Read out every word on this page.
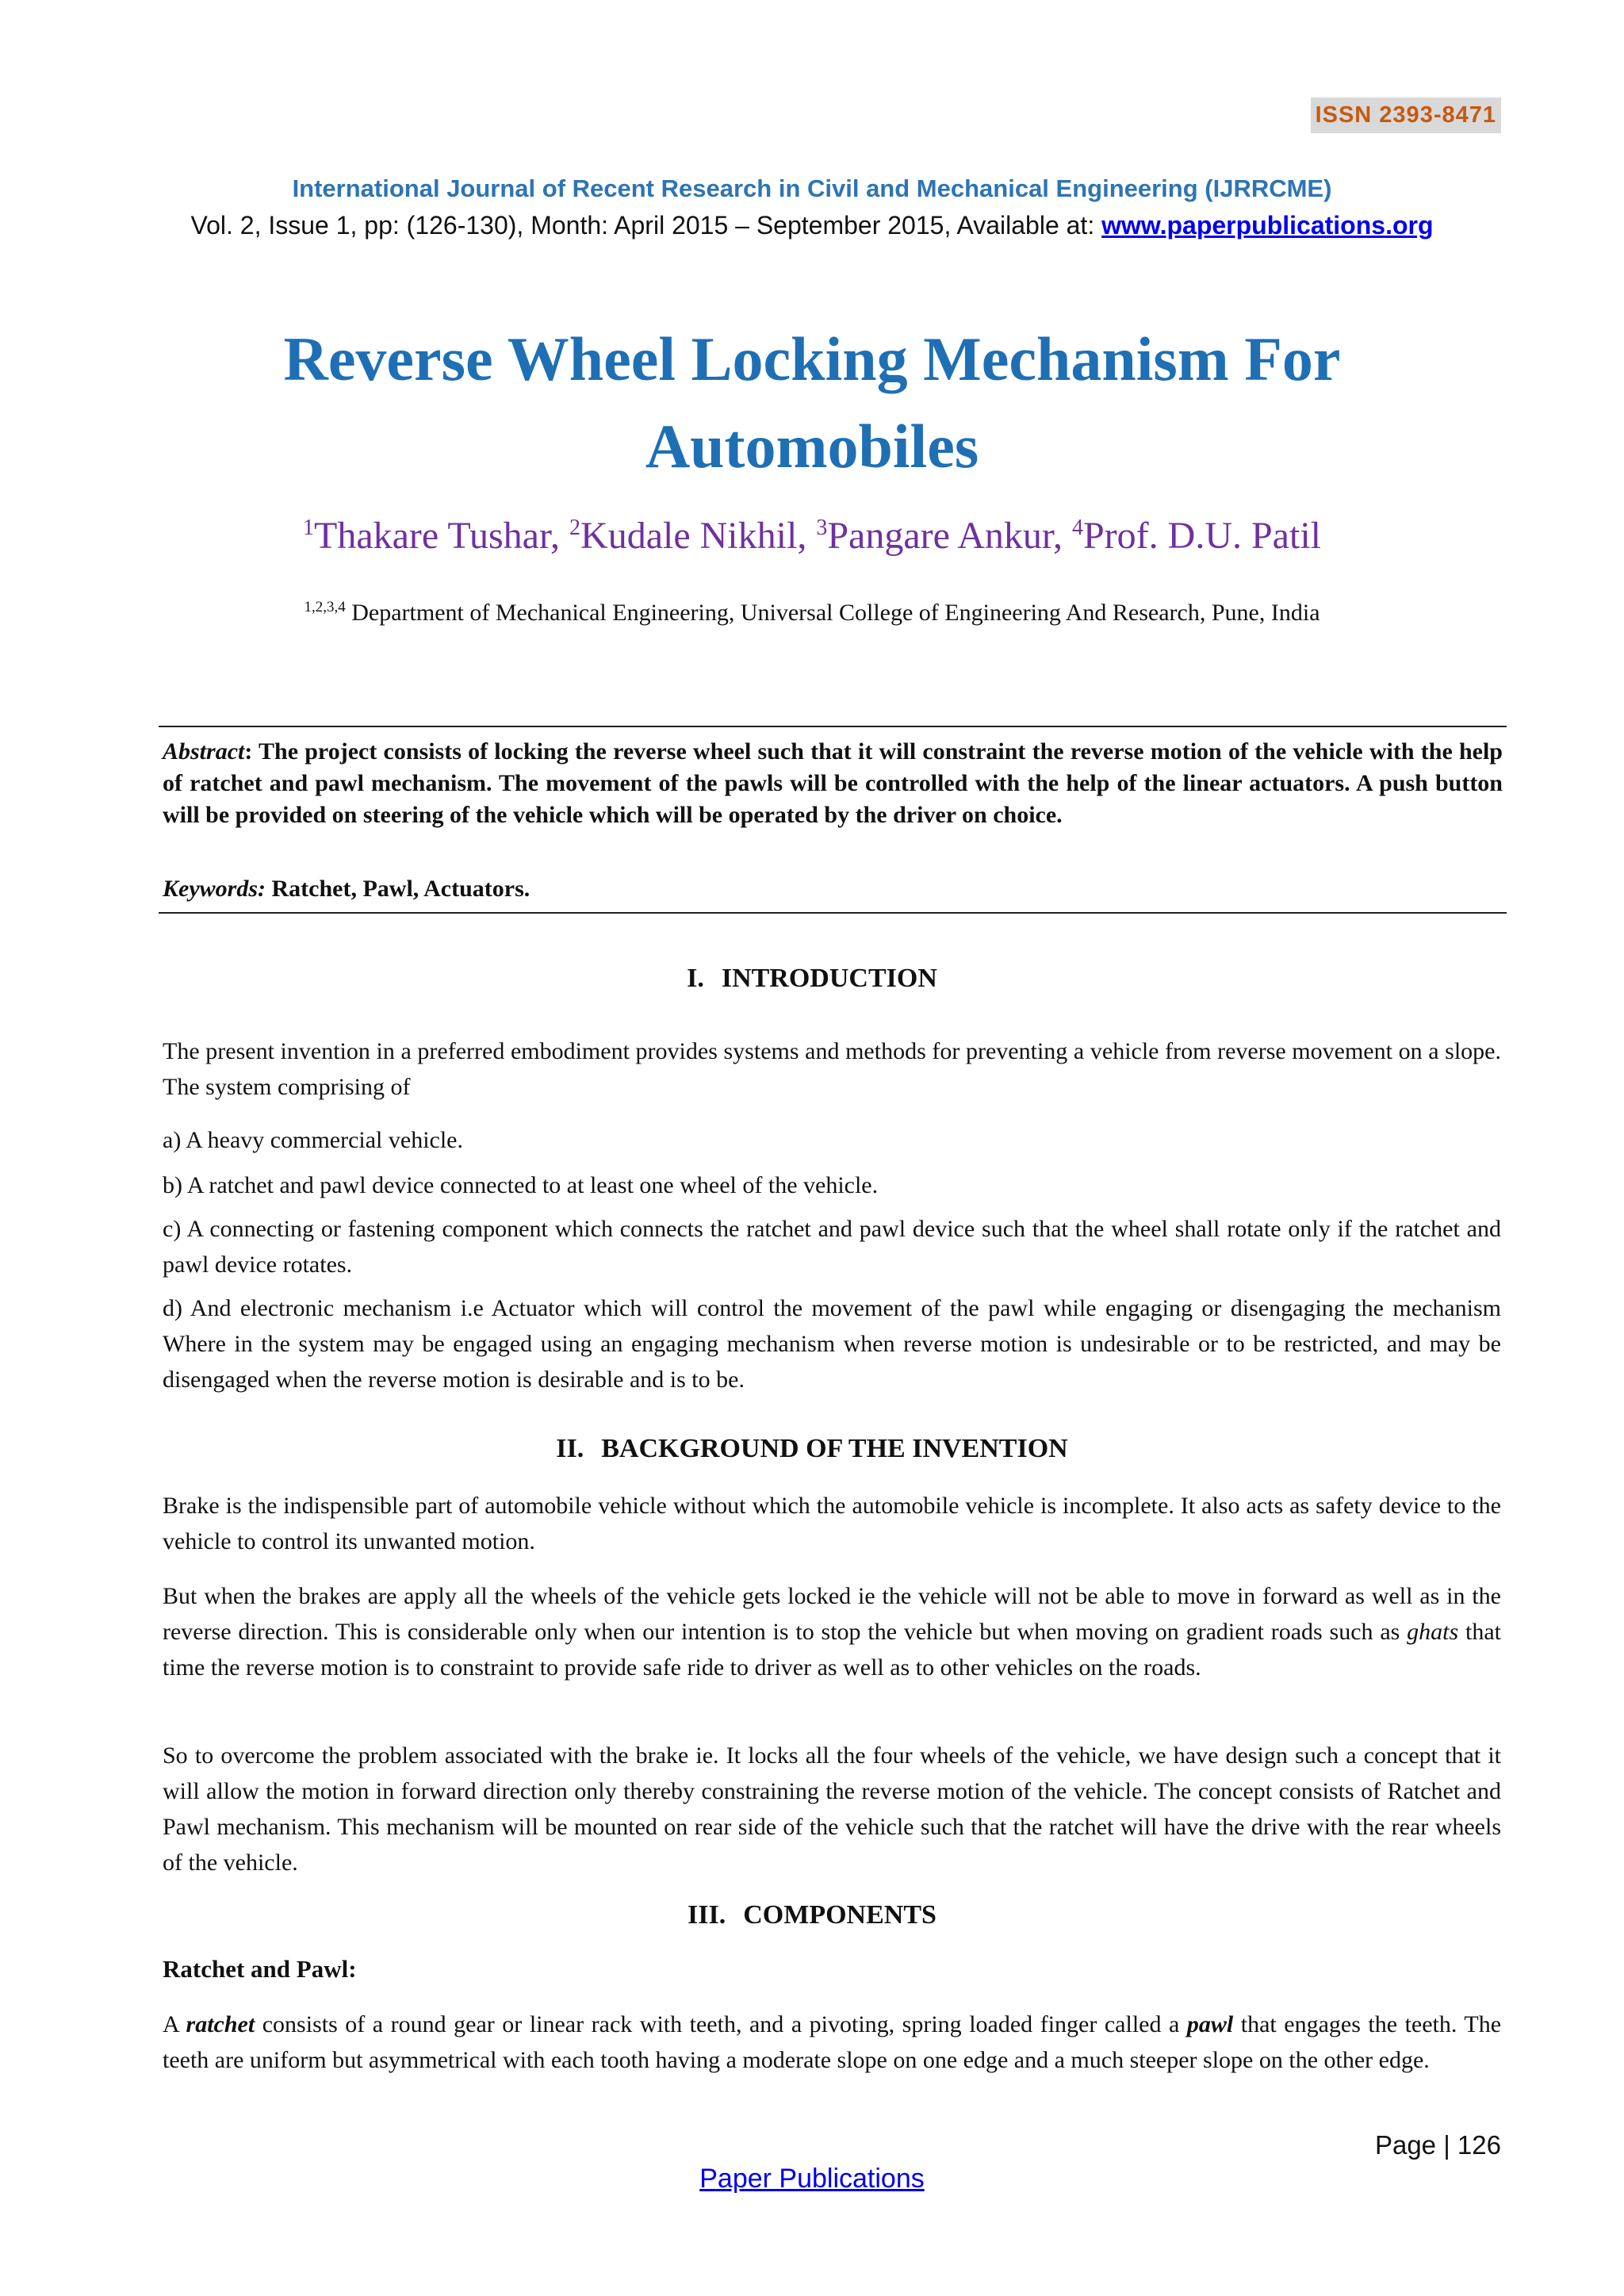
ISSN 2393-8471
International Journal of Recent Research in Civil and Mechanical Engineering (IJRRCME)
Vol. 2, Issue 1, pp: (126-130), Month: April 2015 – September 2015, Available at: www.paperpublications.org
Reverse Wheel Locking Mechanism For
Automobiles
$^1$Thakare Tushar, $^2$Kudale Nikhil, $^3$Pangare Ankur, $^4$Prof. D.U. Patil
$^{1,2,3,4}$ Department of Mechanical Engineering, Universal College of Engineering And Research, Pune, India
Abstract: The project consists of locking the reverse wheel such that it will constraint the reverse motion of the vehicle with the help of ratchet and pawl mechanism. The movement of the pawls will be controlled with the help of the linear actuators. A push button will be provided on steering of the vehicle which will be operated by the driver on choice.
Keywords: Ratchet, Pawl, Actuators.
I. INTRODUCTION
The present invention in a preferred embodiment provides systems and methods for preventing a vehicle from reverse movement on a slope. The system comprising of
a) A heavy commercial vehicle.
b) A ratchet and pawl device connected to at least one wheel of the vehicle.
c) A connecting or fastening component which connects the ratchet and pawl device such that the wheel shall rotate only if the ratchet and pawl device rotates.
d) And electronic mechanism i.e Actuator which will control the movement of the pawl while engaging or disengaging the mechanism Where in the system may be engaged using an engaging mechanism when reverse motion is undesirable or to be restricted, and may be disengaged when the reverse motion is desirable and is to be.
II. BACKGROUND OF THE INVENTION
Brake is the indispensible part of automobile vehicle without which the automobile vehicle is incomplete. It also acts as safety device to the vehicle to control its unwanted motion.
But when the brakes are apply all the wheels of the vehicle gets locked ie the vehicle will not be able to move in forward as well as in the reverse direction. This is considerable only when our intention is to stop the vehicle but when moving on gradient roads such as ghats that time the reverse motion is to constraint to provide safe ride to driver as well as to other vehicles on the roads.
So to overcome the problem associated with the brake ie. It locks all the four wheels of the vehicle, we have design such a concept that it will allow the motion in forward direction only thereby constraining the reverse motion of the vehicle. The concept consists of Ratchet and Pawl mechanism. This mechanism will be mounted on rear side of the vehicle such that the ratchet will have the drive with the rear wheels of the vehicle.
III. COMPONENTS
Ratchet and Pawl:
A ratchet consists of a round gear or linear rack with teeth, and a pivoting, spring loaded finger called a pawl that engages the teeth. The teeth are uniform but asymmetrical with each tooth having a moderate slope on one edge and a much steeper slope on the other edge.
Page | 126
Paper Publications
